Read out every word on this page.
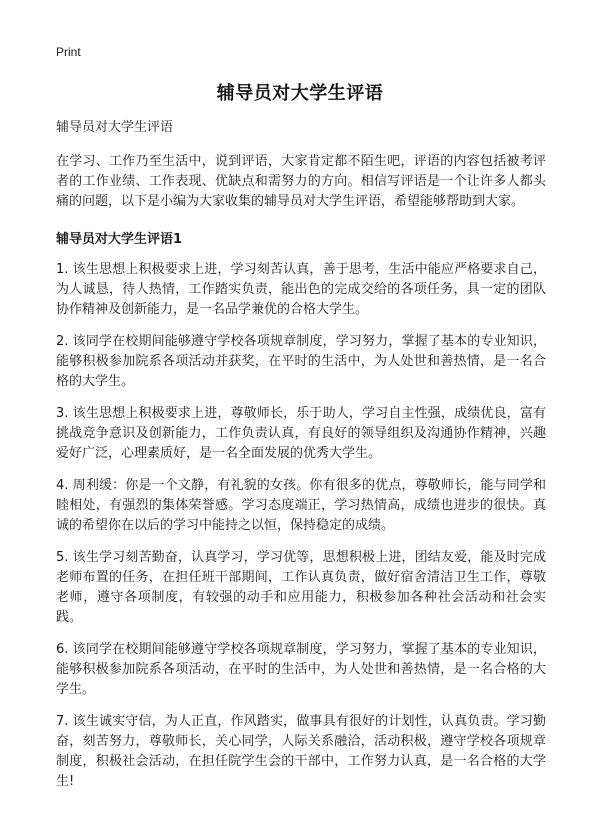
Print
辅导员对大学生评语

辅导员对大学生评语

在学习、工作乃至生活中，说到评语，大家肯定都不陌生吧，评语的内容包括被考评者的工作业绩、工作表现、优缺点和需努力的方向。相信写评语是一个让许多人都头痛的问题，以下是小编为大家收集的辅导员对大学生评语，希望能够帮助到大家。

辅导员对大学生评语1

1. 该生思想上积极要求上进，学习刻苦认真，善于思考，生活中能应严格要求自己，为人诚恳，待人热情，工作踏实负责，能出色的完成交给的各项任务，具一定的团队协作精神及创新能力，是一名品学兼优的合格大学生。

2. 该同学在校期间能够遵守学校各项规章制度，学习努力，掌握了基本的专业知识，能够积极参加院系各项活动并获奖，在平时的生活中，为人处世和善热情，是一名合格的大学生。

3. 该生思想上积极要求上进，尊敬师长，乐于助人，学习自主性强，成绩优良，富有挑战竞争意识及创新能力，工作负责认真，有良好的领导组织及沟通协作精神，兴趣爱好广泛，心理素质好，是一名全面发展的优秀大学生。

4. 周利缓：你是一个文静，有礼貌的女孩。你有很多的优点，尊敬师长，能与同学和睦相处，有强烈的集体荣誉感。学习态度端正，学习热情高，成绩也进步的很快。真诚的希望你在以后的学习中能持之以恒，保持稳定的成绩。

5. 该生学习刻苦勤奋，认真学习，学习优等，思想积极上进，团结友爱，能及时完成老师布置的任务，在担任班干部期间，工作认真负责，做好宿舍清洁卫生工作，尊敬老师，遵守各项制度，有较强的动手和应用能力，积极参加各种社会活动和社会实践。

6. 该同学在校期间能够遵守学校各项规章制度，学习努力，掌握了基本的专业知识，能够积极参加院系各项活动，在平时的生活中，为人处世和善热情，是一名合格的大学生。

7. 该生诚实守信，为人正直，作风踏实，做事具有很好的计划性，认真负责。学习勤奋，刻苦努力，尊敬师长，关心同学，人际关系融洽，活动积极，遵守学校各项规章制度，积极社会活动，在担任院学生会的干部中，工作努力认真，是一名合格的大学生!
